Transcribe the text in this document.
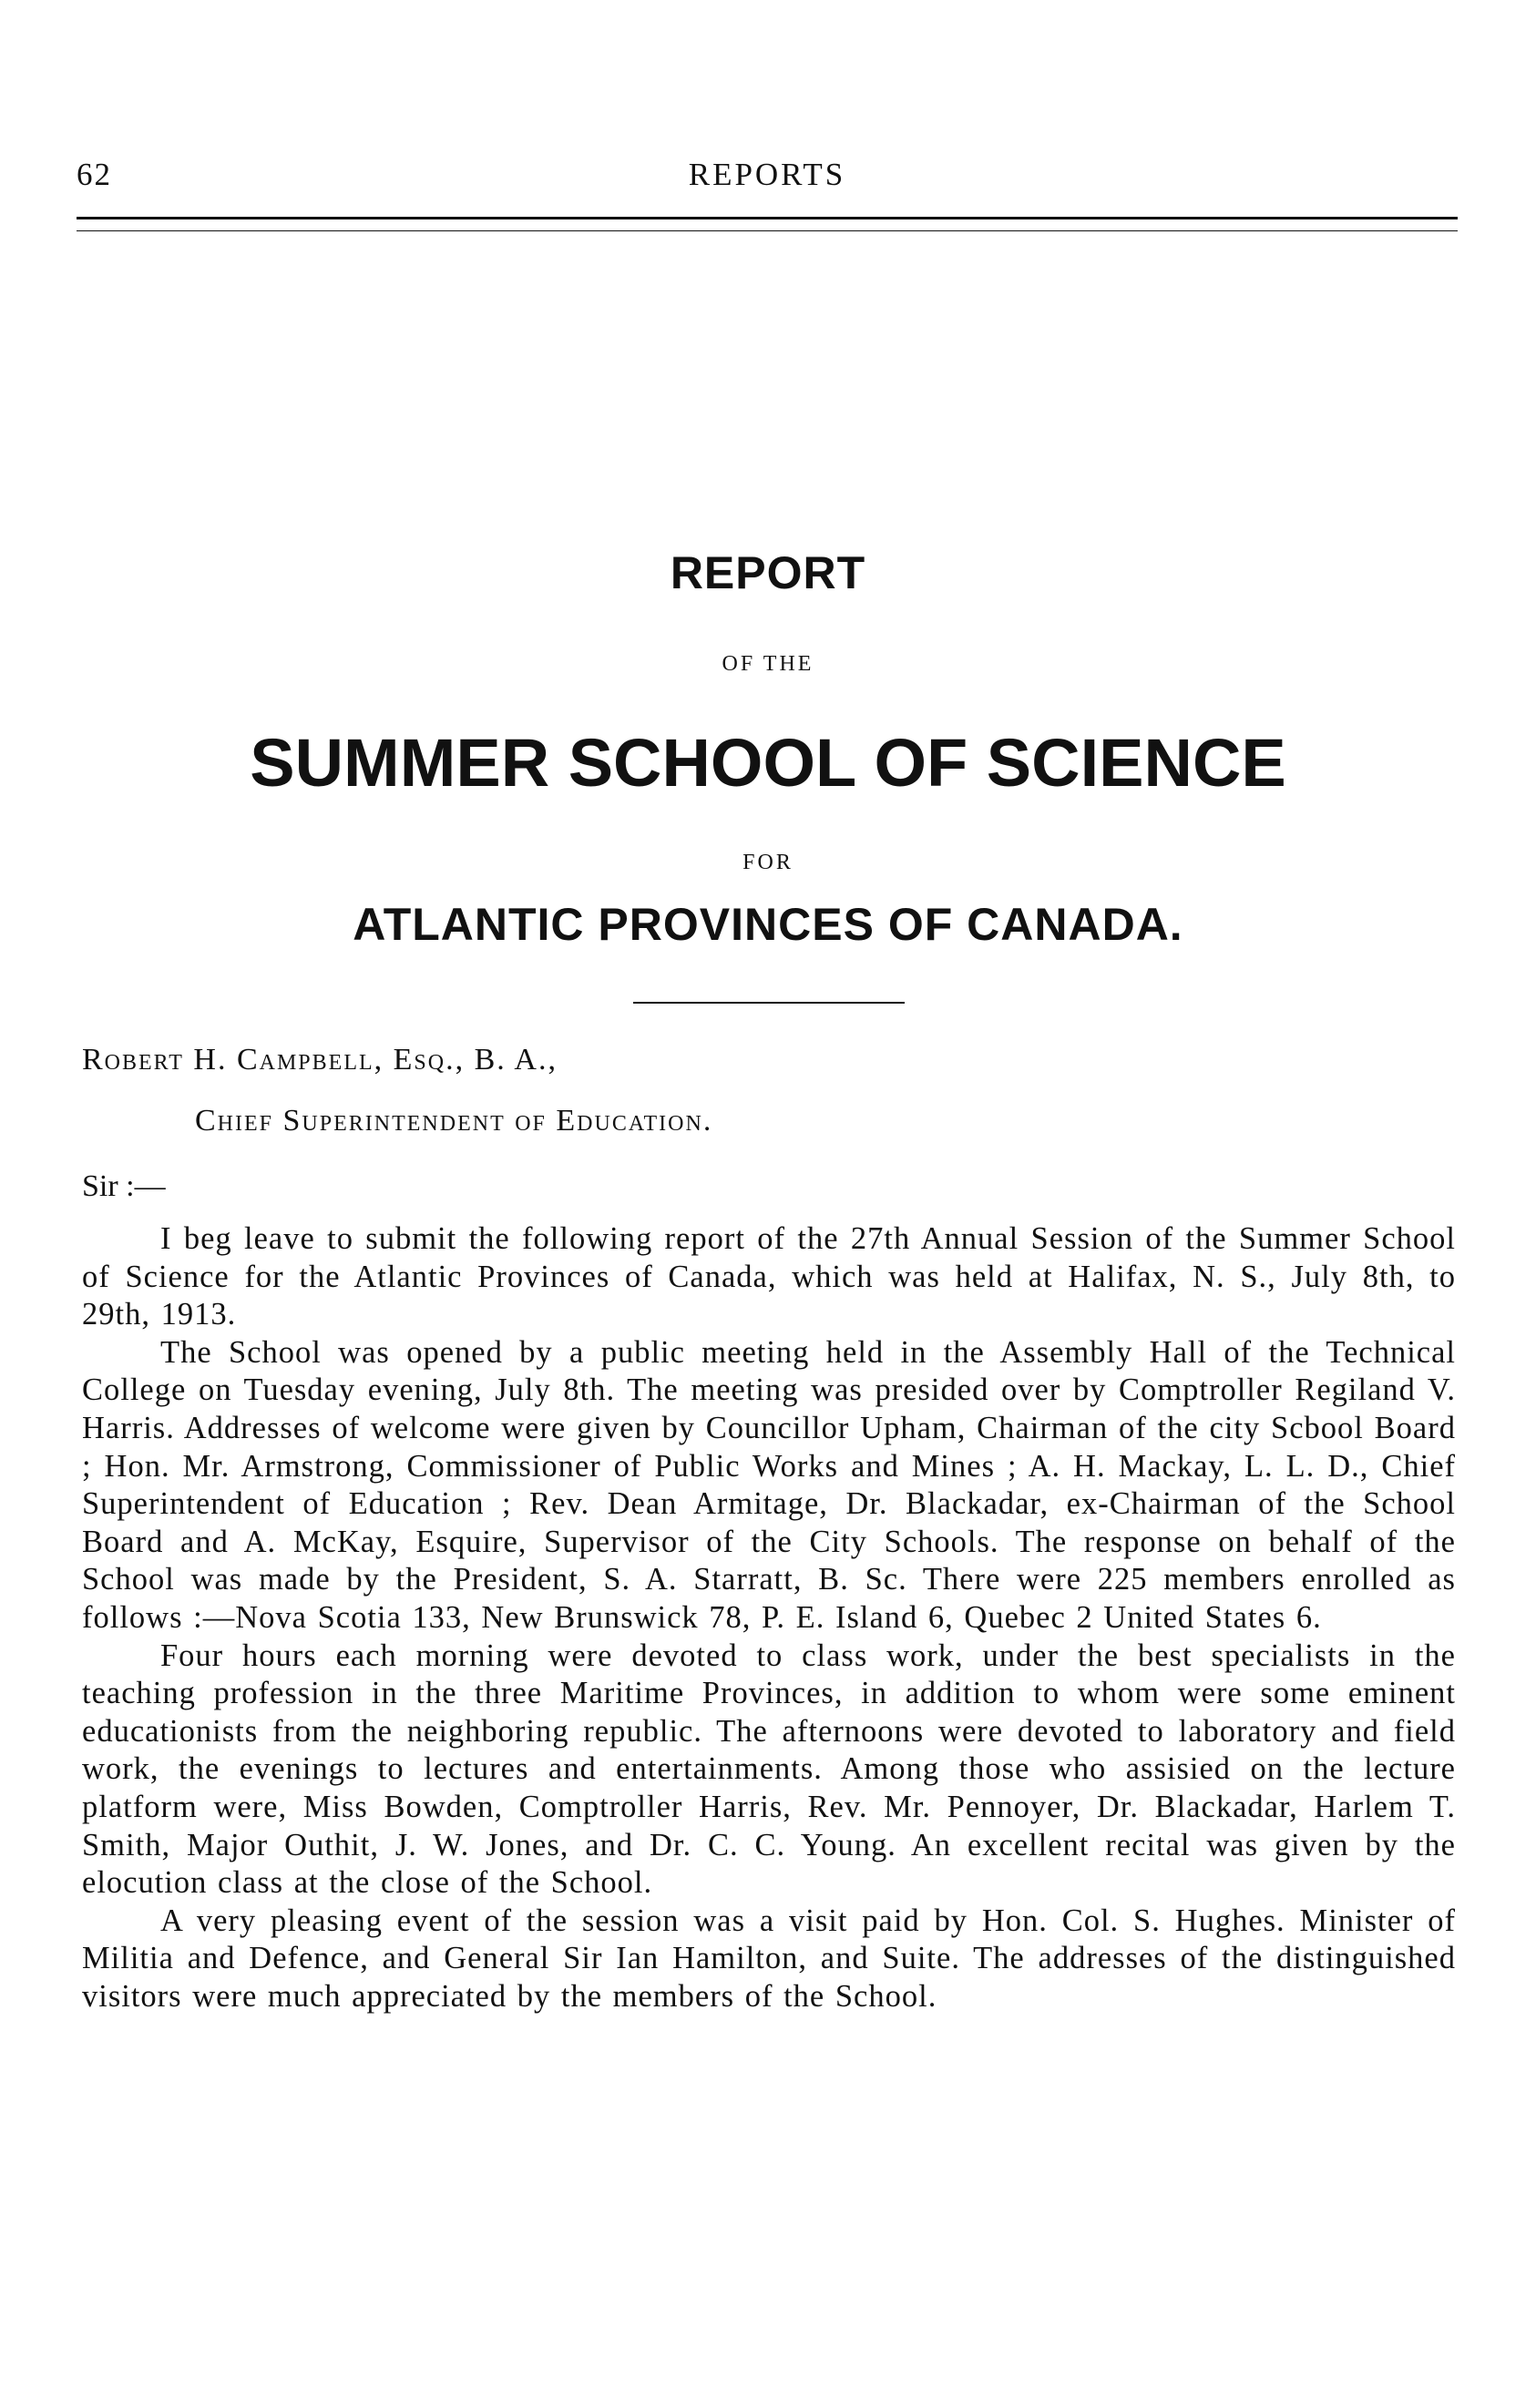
62	REPORTS
REPORT
OF THE
SUMMER SCHOOL OF SCIENCE
FOR
ATLANTIC PROVINCES OF CANADA.
Robert H. Campbell, Esq., B. A.,
Chief Superintendent of Education.
Sir :—

I beg leave to submit the following report of the 27th Annual Session of the Summer School of Science for the Atlantic Provinces of Canada, which was held at Halifax, N. S., July 8th, to 29th, 1913.

The School was opened by a public meeting held in the Assembly Hall of the Technical College on Tuesday evening, July 8th. The meeting was presided over by Comptroller Regiland V. Harris. Addresses of welcome were given by Councillor Upham, Chairman of the city Scbool Board ; Hon. Mr. Armstrong, Commissioner of Public Works and Mines ; A. H. Mackay, L. L. D., Chief Superintendent of Education ; Rev. Dean Armitage, Dr. Blackadar, ex-Chairman of the School Board and A. McKay, Esquire, Supervisor of the City Schools. The response on behalf of the School was made by the President, S. A. Starratt, B. Sc. There were 225 members enrolled as follows :—Nova Scotia 133, New Brunswick 78, P. E. Island 6, Quebec 2 United States 6.

Four hours each morning were devoted to class work, under the best specialists in the teaching profession in the three Maritime Provinces, in addition to whom were some eminent educationists from the neighboring republic. The afternoons were devoted to laboratory and field work, the evenings to lectures and entertainments. Among those who assisied on the lecture platform were, Miss Bowden, Comptroller Harris, Rev. Mr. Pennoyer, Dr. Blackadar, Harlem T. Smith, Major Outhit, J. W. Jones, and Dr. C. C. Young. An excellent recital was given by the elocution class at the close of the School.

A very pleasing event of the session was a visit paid by Hon. Col. S. Hughes. Minister of Militia and Defence, and General Sir Ian Hamilton, and Suite. The addresses of the distinguished visitors were much appreciated by the members of the School.
